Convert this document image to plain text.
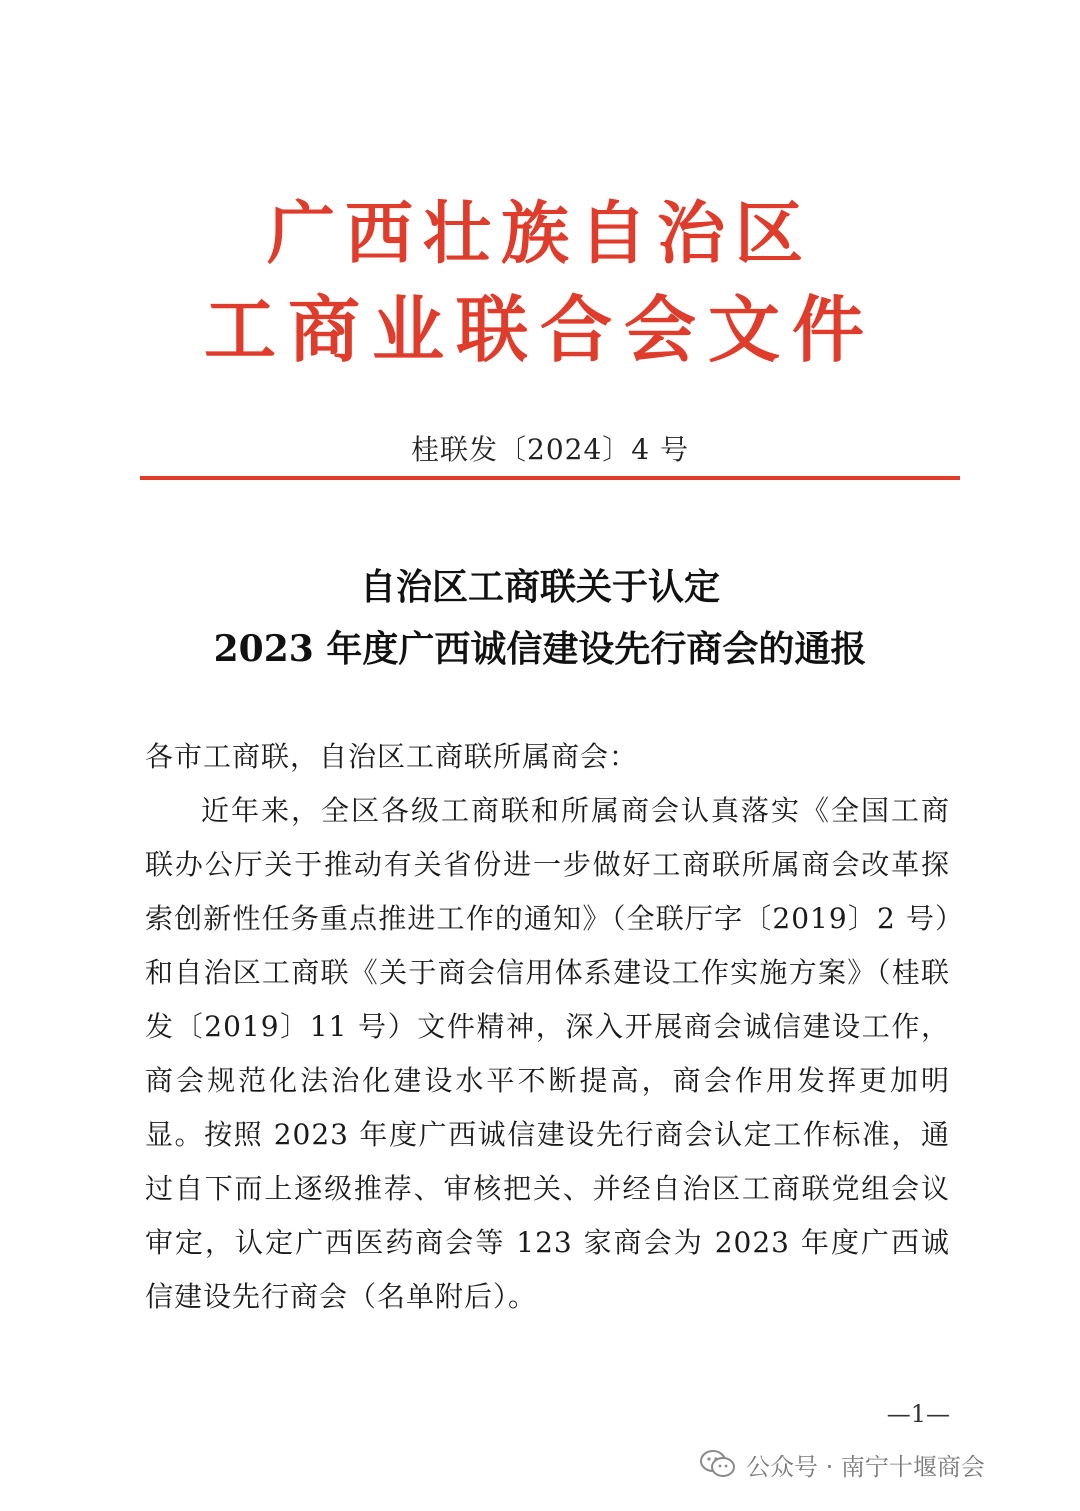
广西壮族自治区
工商业联合会文件
桂联发〔2024〕4 号
自治区工商联关于认定
2023 年度广西诚信建设先行商会的通报

各市工商联，自治区工商联所属商会：

近年来，全区各级工商联和所属商会认真落实《全国工商联办公厅关于推动有关省份进一步做好工商联所属商会改革探索创新性任务重点推进工作的通知》（全联厅字〔2019〕2 号）和自治区工商联《关于商会信用体系建设工作实施方案》（桂联发〔2019〕11 号）文件精神，深入开展商会诚信建设工作，商会规范化法治化建设水平不断提高，商会作用发挥更加明显。按照 2023 年度广西诚信建设先行商会认定工作标准，通过自下而上逐级推荐、审核把关、并经自治区工商联党组会议审定，认定广西医药商会等 123 家商会为 2023 年度广西诚信建设先行商会（名单附后）。

—1—
公众号 · 南宁十堰商会
